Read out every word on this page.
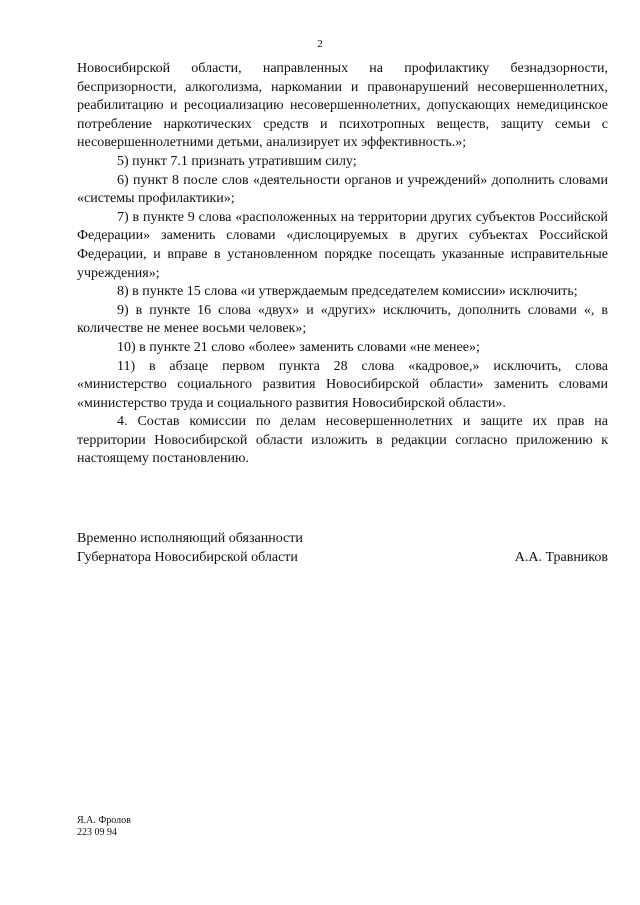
2

Новосибирской области, направленных на профилактику безнадзорности, беспризорности, алкоголизма, наркомании и правонарушений несовершеннолетних, реабилитацию и ресоциализацию несовершеннолетних, допускающих немедицинское потребление наркотических средств и психотропных веществ, защиту семьи с несовершеннолетними детьми, анализирует их эффективность.»;

5) пункт 7.1 признать утратившим силу;

6) пункт 8 после слов «деятельности органов и учреждений» дополнить словами «системы профилактики»;

7) в пункте 9 слова «расположенных на территории других субъектов Российской Федерации» заменить словами «дислоцируемых в других субъектах Российской Федерации, и вправе в установленном порядке посещать указанные исправительные учреждения»;

8) в пункте 15 слова «и утверждаемым председателем комиссии» исключить;

9) в пункте 16 слова «двух» и «других» исключить, дополнить словами «, в количестве не менее восьми человек»;

10) в пункте 21 слово «более» заменить словами «не менее»;

11) в абзаце первом пункта 28 слова «кадровое,» исключить, слова «министерство социального развития Новосибирской области» заменить словами «министерство труда и социального развития Новосибирской области».

4. Состав комиссии по делам несовершеннолетних и защите их прав на территории Новосибирской области изложить в редакции согласно приложению к настоящему постановлению.

Временно исполняющий обязанности
Губернатора Новосибирской области	А.А. Травников
Я.А. Фролов
223 09 94
